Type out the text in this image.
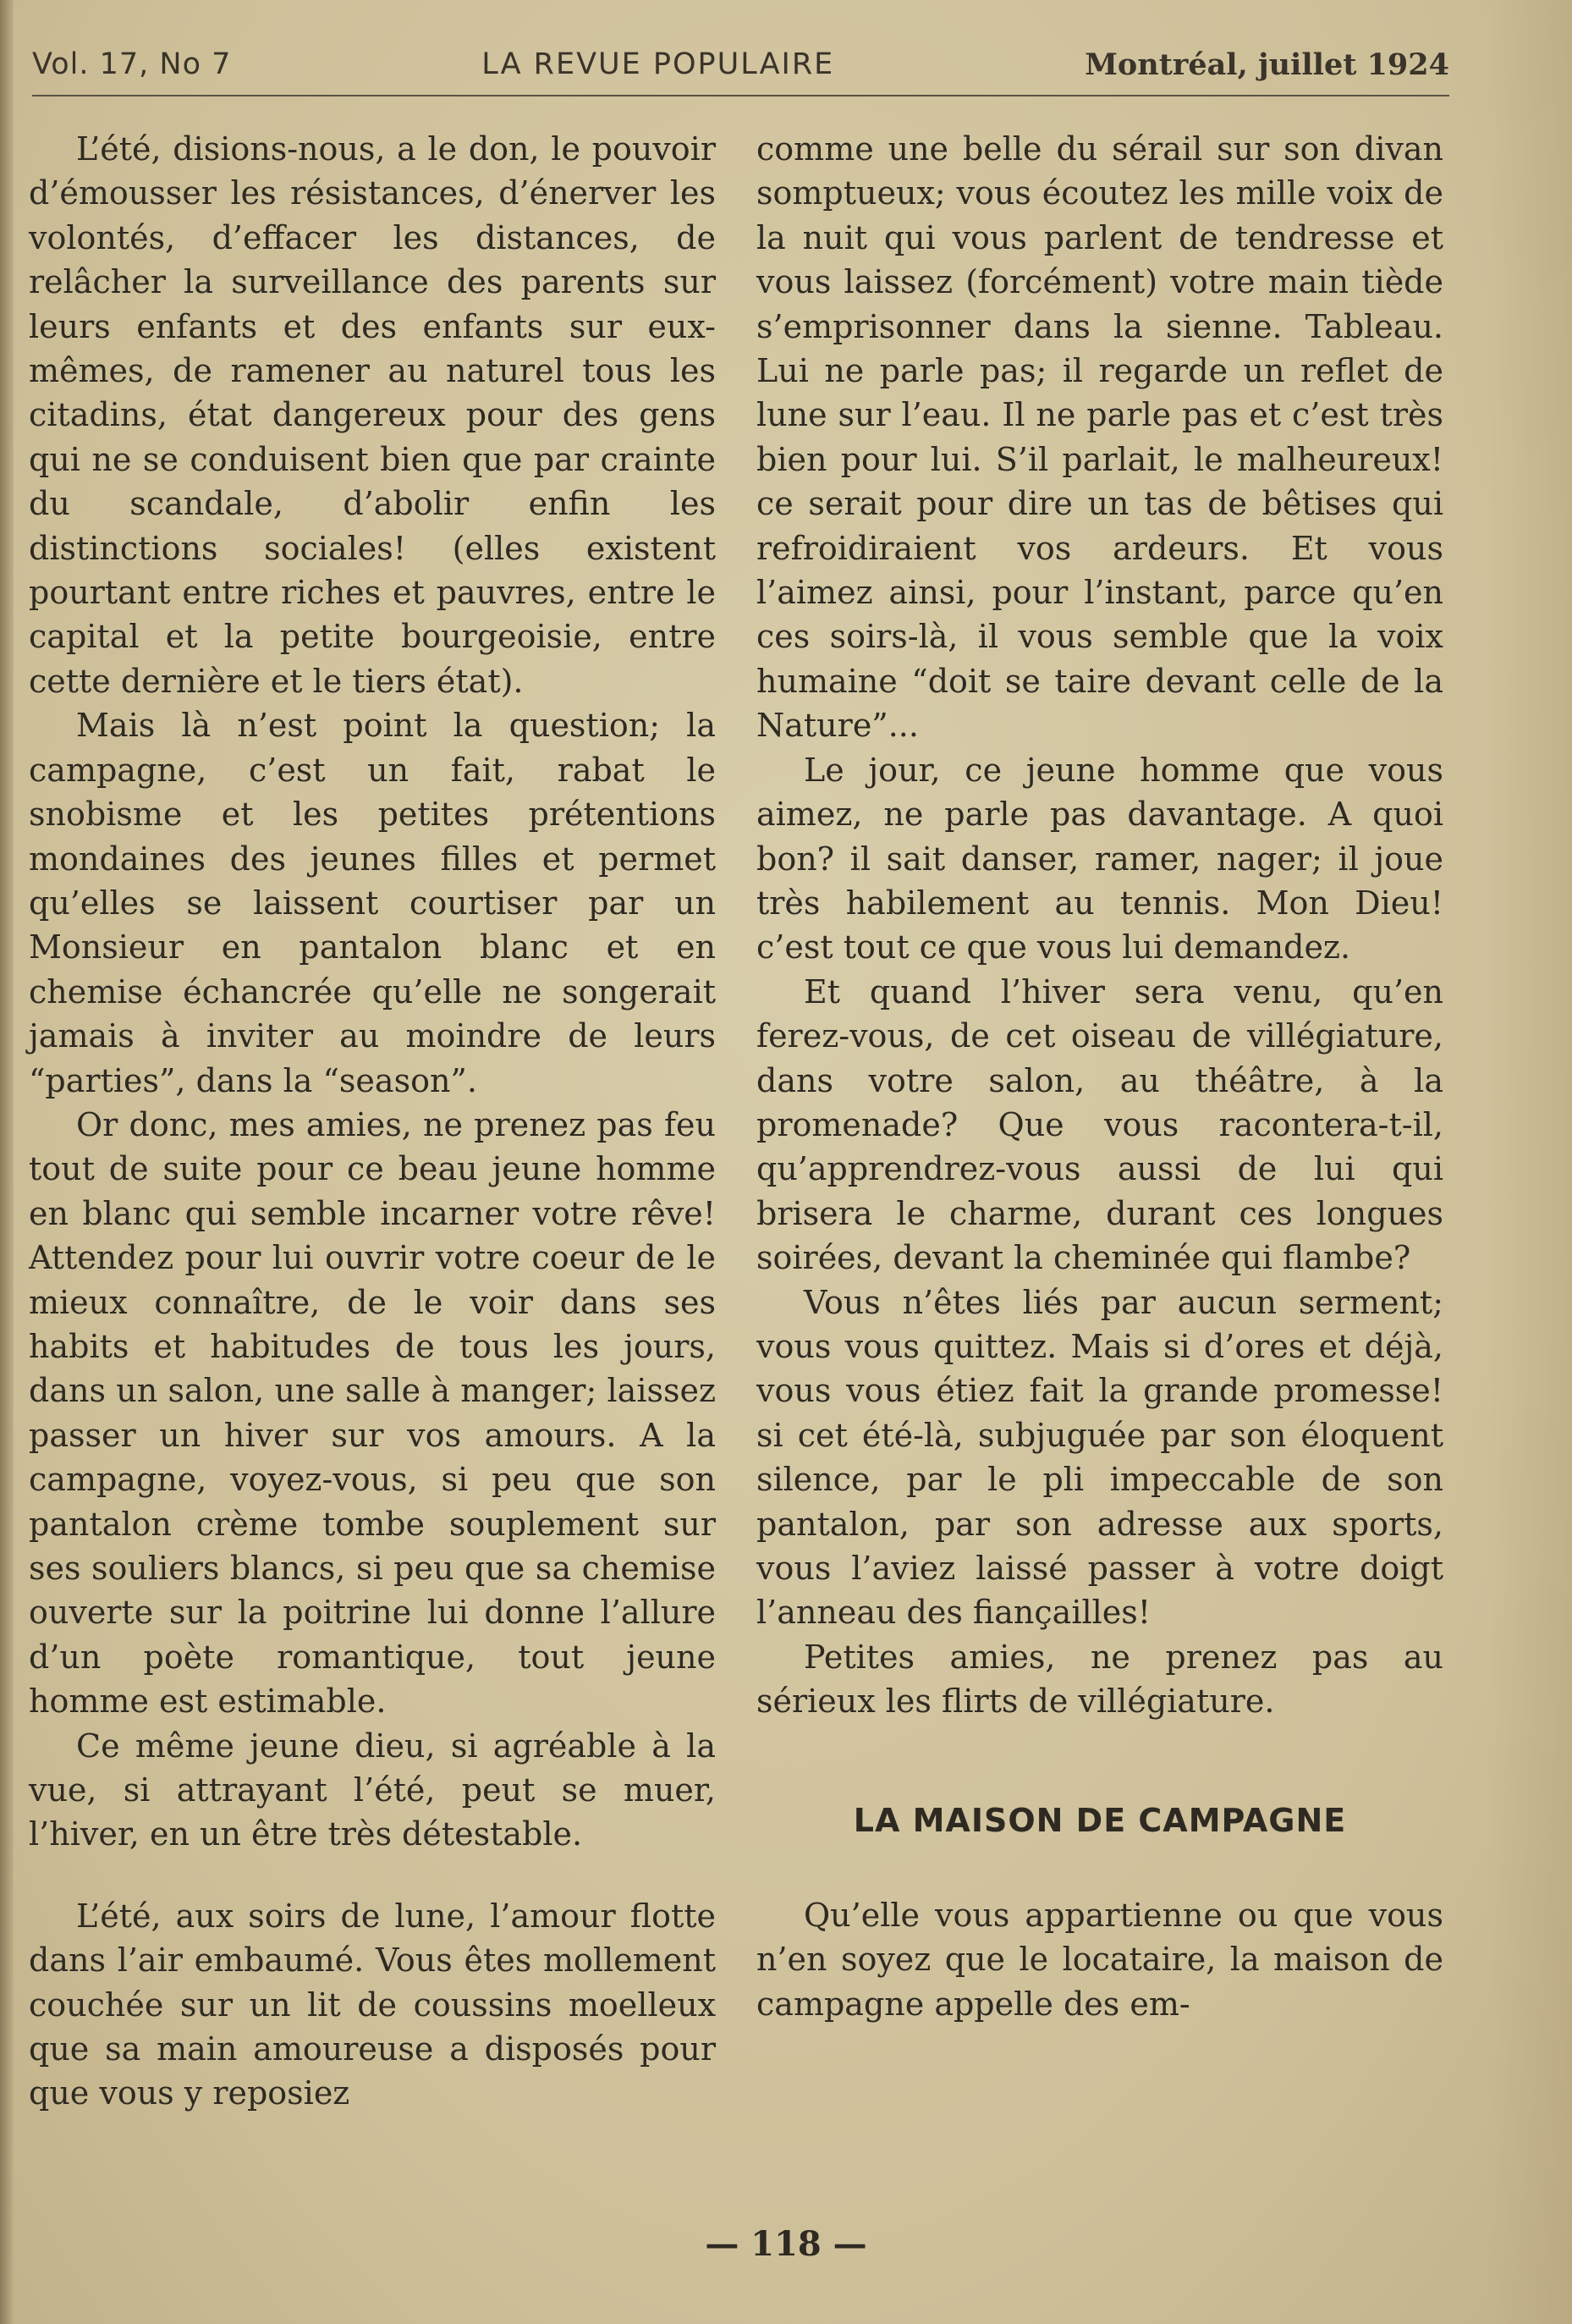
Vol. 17, No 7	LA REVUE POPULAIRE	Montréal, juillet 1924

L’été, disions-nous, a le don, le pouvoir d’émousser les résistances, d’énerver les volontés, d’effacer les distances, de relâcher la surveillance des parents sur leurs enfants et des enfants sur eux-mêmes, de ramener au naturel tous les citadins, état dangereux pour des gens qui ne se conduisent bien que par crainte du scandale, d’abolir enfin les distinctions sociales! (elles existent pourtant entre riches et pauvres, entre le capital et la petite bourgeoisie, entre cette dernière et le tiers état).

Mais là n’est point la question; la campagne, c’est un fait, rabat le snobisme et les petites prétentions mondaines des jeunes filles et permet qu’elles se laissent courtiser par un Monsieur en pantalon blanc et en chemise échancrée qu’elle ne songerait jamais à inviter au moindre de leurs “parties”, dans la “season”.

Or donc, mes amies, ne prenez pas feu tout de suite pour ce beau jeune homme en blanc qui semble incarner votre rêve! Attendez pour lui ouvrir votre coeur de le mieux connaître, de le voir dans ses habits et habitudes de tous les jours, dans un salon, une salle à manger; laissez passer un hiver sur vos amours. A la campagne, voyez-vous, si peu que son pantalon crème tombe souplement sur ses souliers blancs, si peu que sa chemise ouverte sur la poitrine lui donne l’allure d’un poète romantique, tout jeune homme est estimable.

Ce même jeune dieu, si agréable à la vue, si attrayant l’été, peut se muer, l’hiver, en un être très détestable.

L’été, aux soirs de lune, l’amour flotte dans l’air embaumé. Vous êtes mollement couchée sur un lit de coussins moelleux que sa main amoureuse a disposés pour que vous y reposiez

comme une belle du sérail sur son divan somptueux; vous écoutez les mille voix de la nuit qui vous parlent de tendresse et vous laissez (forcément) votre main tiède s’emprisonner dans la sienne. Tableau. Lui ne parle pas; il regarde un reflet de lune sur l’eau. Il ne parle pas et c’est très bien pour lui. S’il parlait, le malheureux! ce serait pour dire un tas de bêtises qui refroidiraient vos ardeurs. Et vous l’aimez ainsi, pour l’instant, parce qu’en ces soirs-là, il vous semble que la voix humaine “doit se taire devant celle de la Nature”...

Le jour, ce jeune homme que vous aimez, ne parle pas davantage. A quoi bon? il sait danser, ramer, nager; il joue très habilement au tennis. Mon Dieu! c’est tout ce que vous lui demandez.

Et quand l’hiver sera venu, qu’en ferez-vous, de cet oiseau de villégiature, dans votre salon, au théâtre, à la promenade? Que vous racontera-t-il, qu’apprendrez-vous aussi de lui qui brisera le charme, durant ces longues soirées, devant la cheminée qui flambe?

Vous n’êtes liés par aucun serment; vous vous quittez. Mais si d’ores et déjà, vous vous étiez fait la grande promesse! si cet été-là, subjuguée par son éloquent silence, par le pli impeccable de son pantalon, par son adresse aux sports, vous l’aviez laissé passer à votre doigt l’anneau des fiançailles!

Petites amies, ne prenez pas au sérieux les flirts de villégiature.

LA MAISON DE CAMPAGNE

Qu’elle vous appartienne ou que vous n’en soyez que le locataire, la maison de campagne appelle des em-

— 118 —
